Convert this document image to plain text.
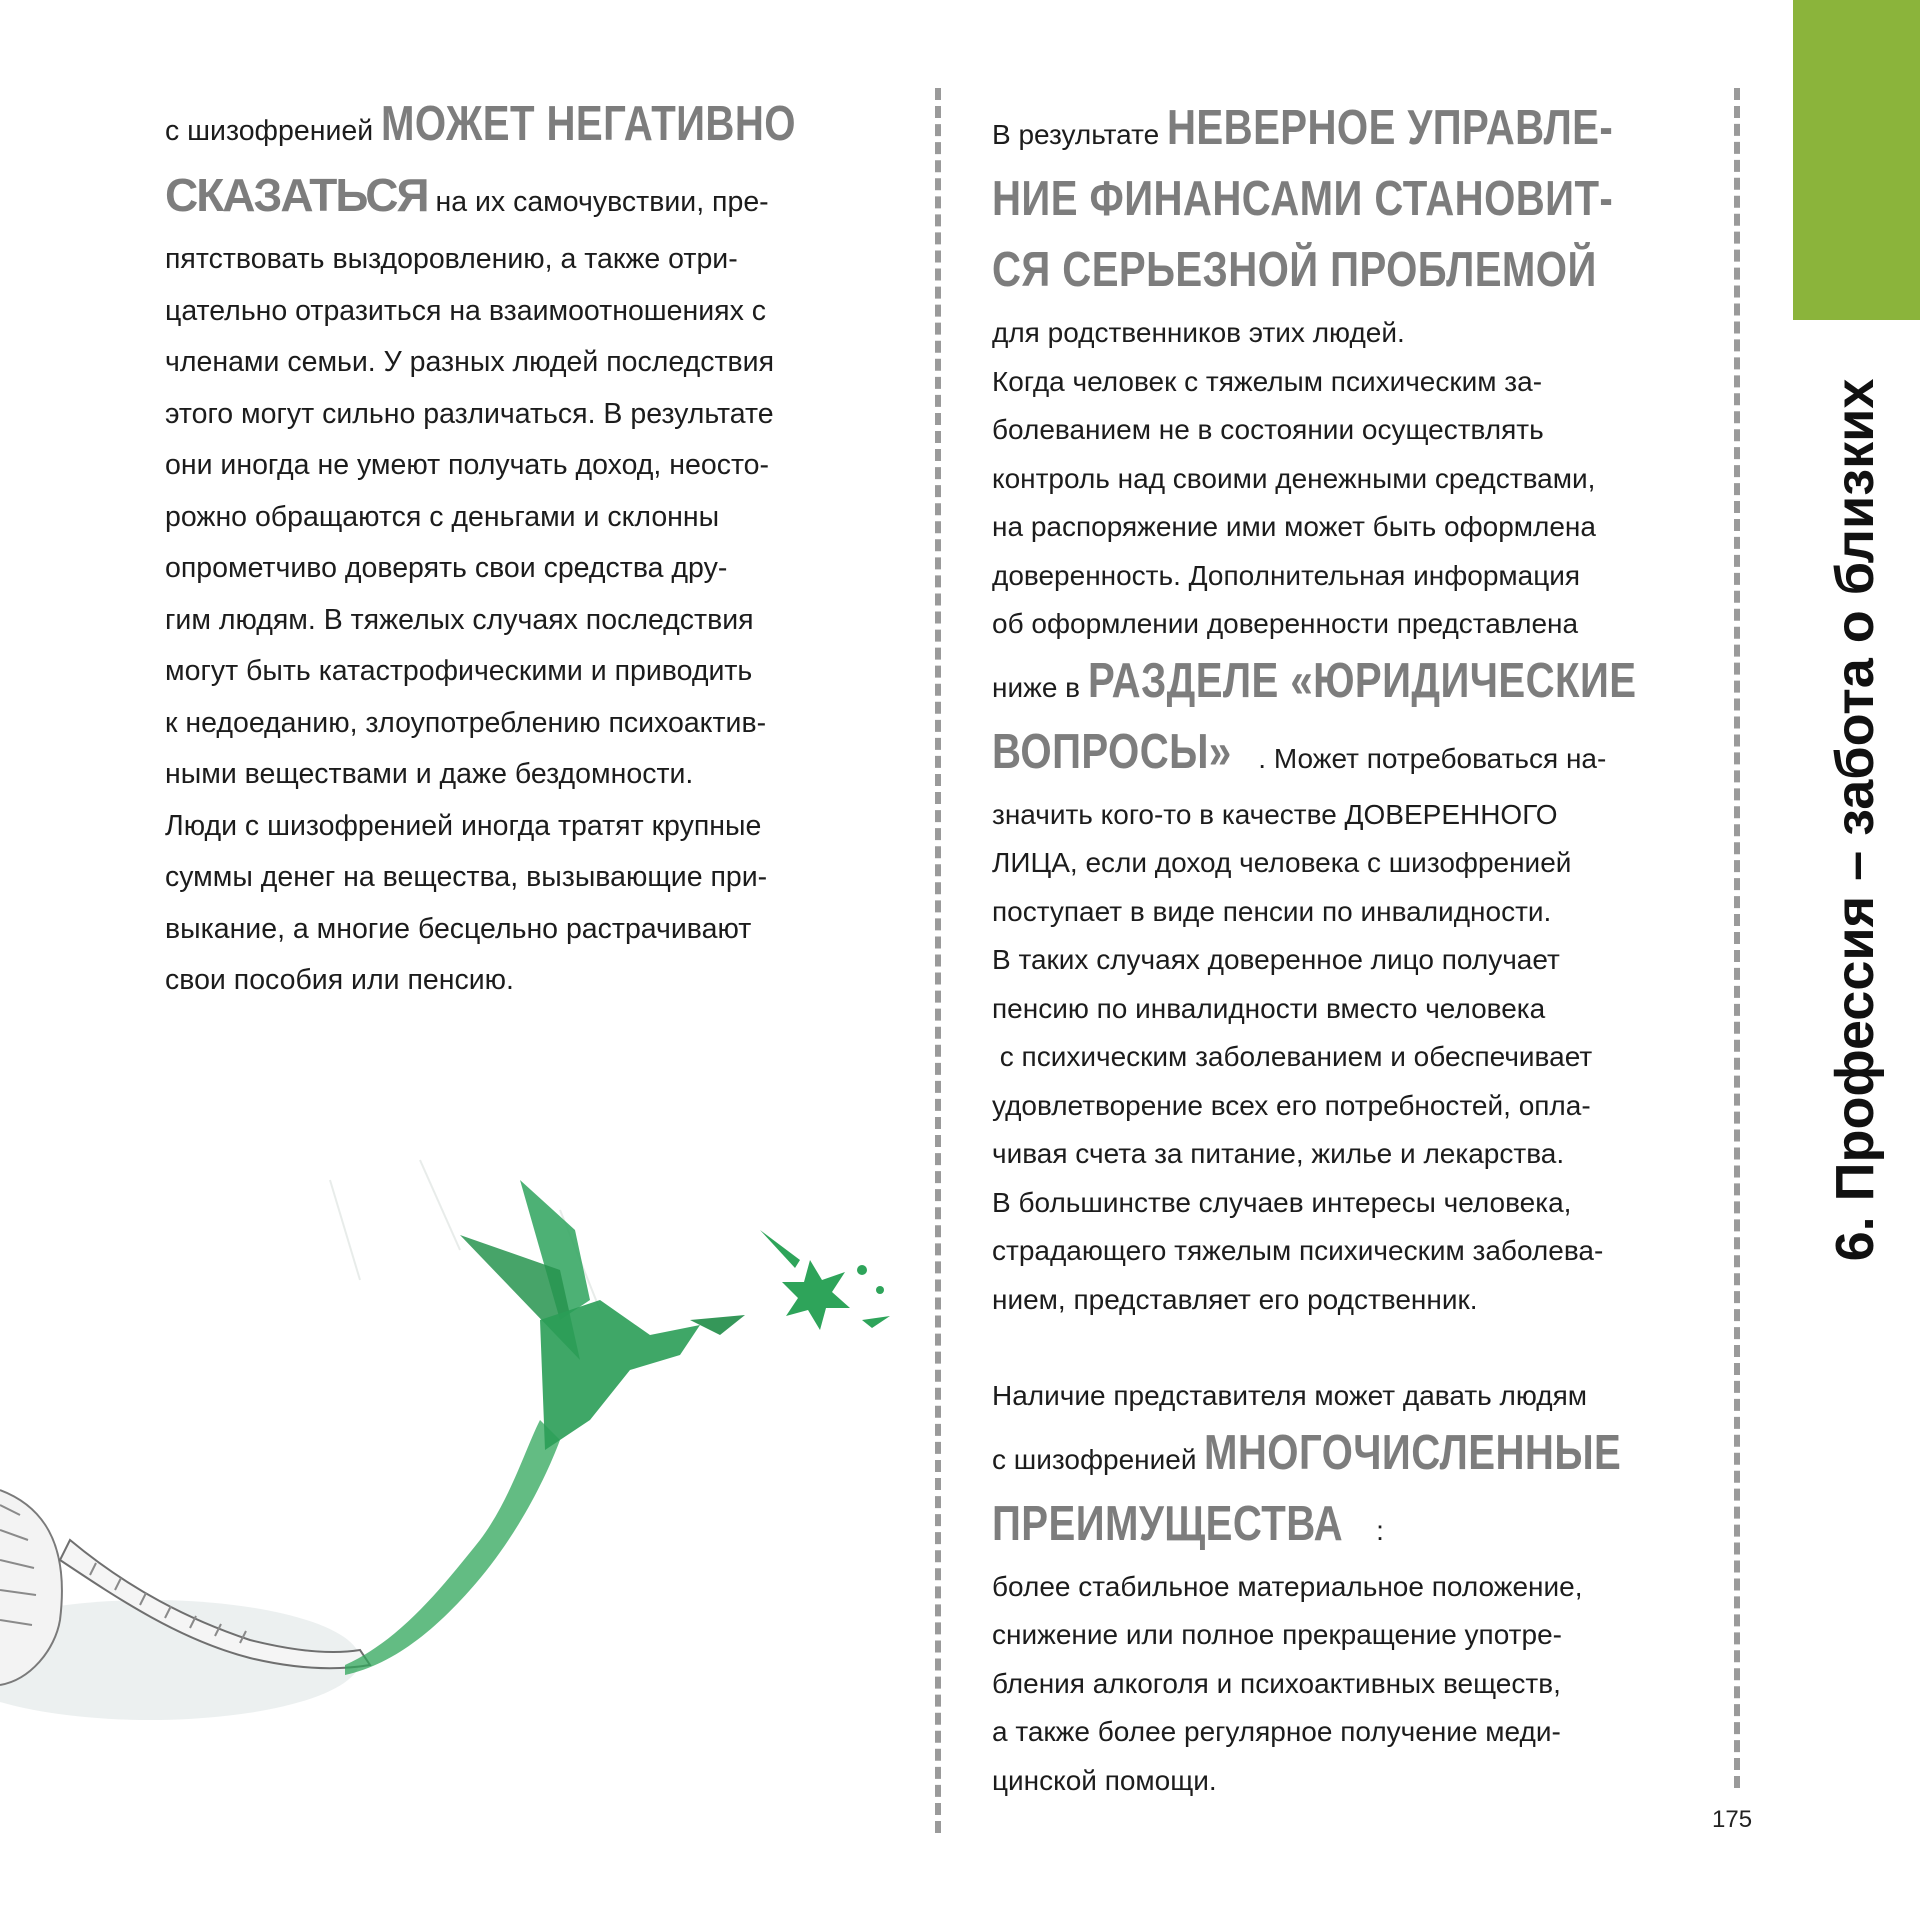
с шизофренией МОЖЕТ НЕГАТИВНО

СКАЗАТЬСЯ на их самочувствии, пре-

пятствовать выздоровлению, а также отри-

цательно отразиться на взаимоотношениях с

членами семьи. У разных людей последствия

этого могут сильно различаться. В результате

они иногда не умеют получать доход, неосто-

рожно обращаются с деньгами и склонны

опрометчиво доверять свои средства дру-

гим людям. В тяжелых случаях последствия

могут быть катастрофическими и приводить

к недоеданию, злоупотреблению психоактив-

ными веществами и даже бездомности.

Люди с шизофренией иногда тратят крупные

суммы денег на вещества, вызывающие при-

выкание, а многие бесцельно растрачивают

свои пособия или пенсию.

В результате НЕВЕРНОЕ УПРАВЛЕ-

НИЕ ФИНАНСАМИ СТАНОВИТ-

СЯ СЕРЬЕЗНОЙ ПРОБЛЕМОЙ

для родственников этих людей.

Когда человек с тяжелым психическим за-

болеванием не в состоянии осуществлять

контроль над своими денежными средствами,

на распоряжение ими может быть оформлена

доверенность. Дополнительная информация

об оформлении доверенности представлена

ниже в РАЗДЕЛЕ «ЮРИДИЧЕСКИЕ

ВОПРОСЫ» . Может потребоваться на-

значить кого-то в качестве ДОВЕРЕННОГО

ЛИЦА, если доход человека с шизофренией

поступает в виде пенсии по инвалидности.

В таких случаях доверенное лицо получает

пенсию по инвалидности вместо человека

с психическим заболеванием и обеспечивает

удовлетворение всех его потребностей, опла-

чивая счета за питание, жилье и лекарства.

В большинстве случаев интересы человека,

страдающего тяжелым психическим заболева-

нием, представляет его родственник.

Наличие представителя может давать людям

с шизофренией МНОГОЧИСЛЕННЫЕ

ПРЕИМУЩЕСТВА :

более стабильное материальное положение,

снижение или полное прекращение употре-

бления алкоголя и психоактивных веществ,

а также более регулярное получение меди-

цинской помощи.

6. Профессия – забота о близких
175
